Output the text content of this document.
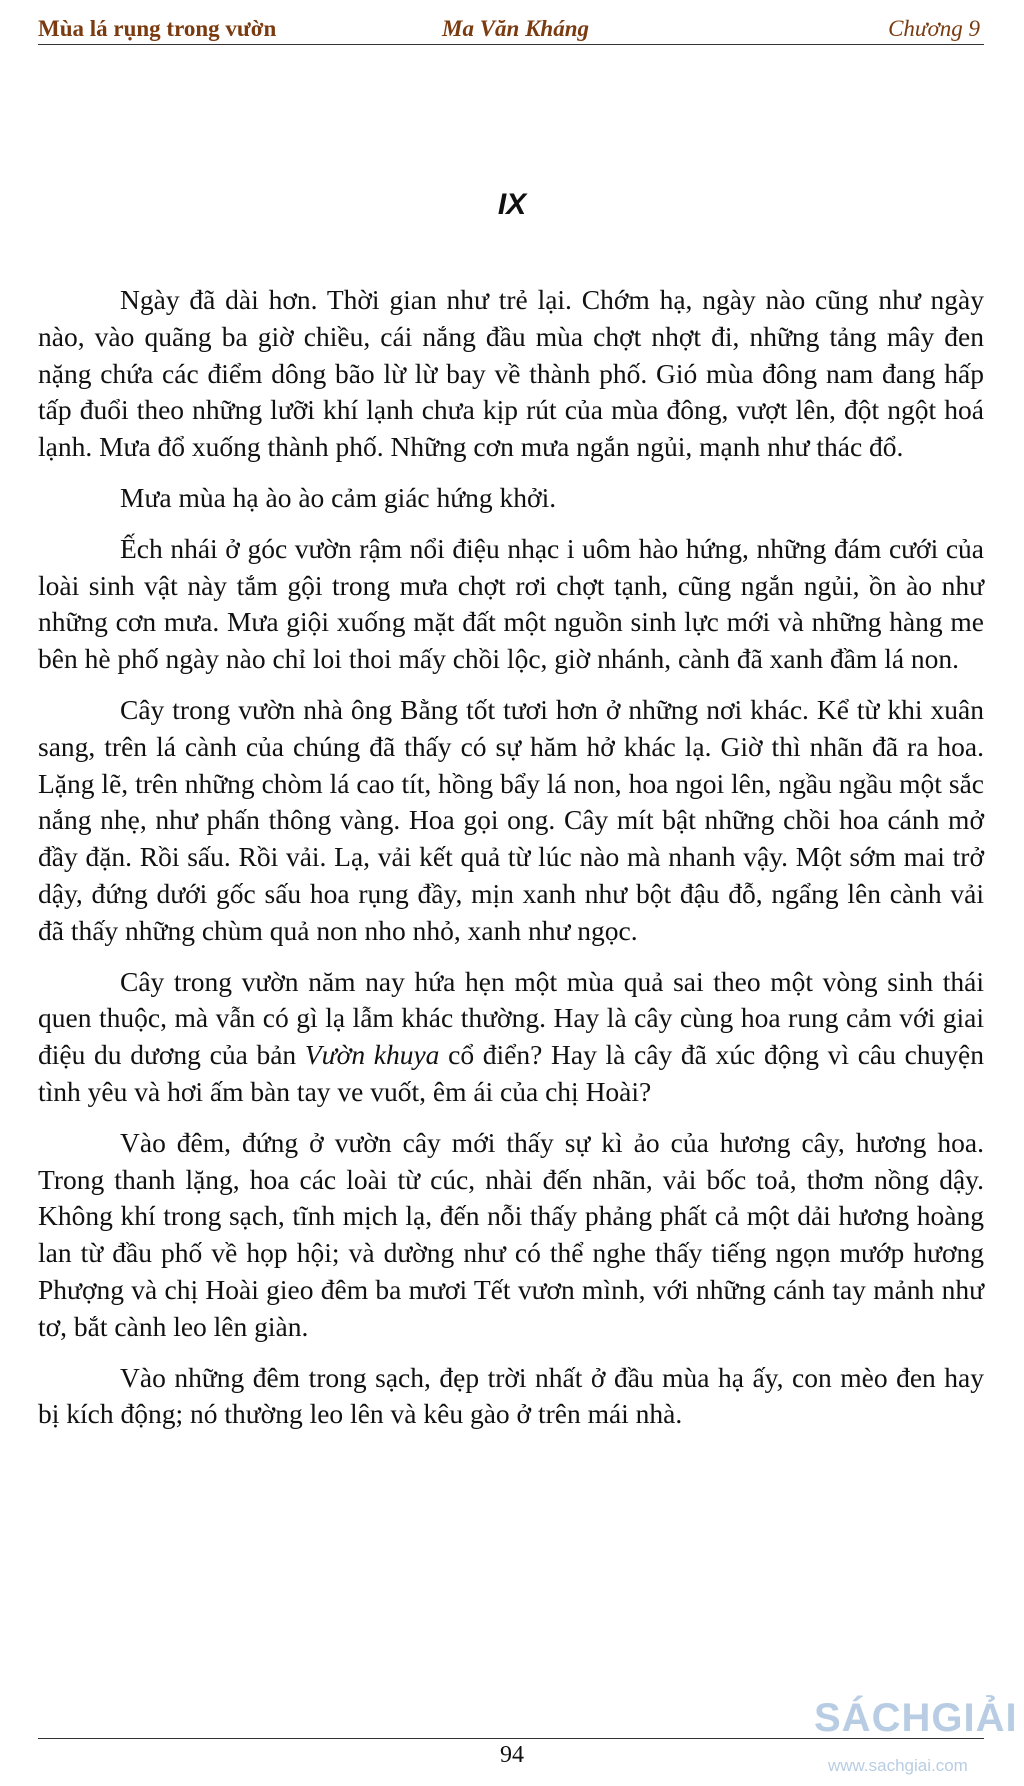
Mùa lá rụng trong vườn	Ma Văn Kháng	Chương 9
IX

Ngày đã dài hơn. Thời gian như trẻ lại. Chớm hạ, ngày nào cũng như ngày nào, vào quãng ba giờ chiều, cái nắng đầu mùa chợt nhợt đi, những tảng mây đen nặng chứa các điểm dông bão lừ lừ bay về thành phố. Gió mùa đông nam đang hấp tấp đuổi theo những lưỡi khí lạnh chưa kịp rút của mùa đông, vượt lên, đột ngột hoá lạnh. Mưa đổ xuống thành phố. Những cơn mưa ngắn ngủi, mạnh như thác đổ.

Mưa mùa hạ ào ào cảm giác hứng khởi.

Ếch nhái ở góc vườn rậm nổi điệu nhạc i uôm hào hứng, những đám cưới của loài sinh vật này tắm gội trong mưa chợt rơi chợt tạnh, cũng ngắn ngủi, ồn ào như những cơn mưa. Mưa giội xuống mặt đất một nguồn sinh lực mới và những hàng me bên hè phố ngày nào chỉ loi thoi mấy chồi lộc, giờ nhánh, cành đã xanh đầm lá non.

Cây trong vườn nhà ông Bằng tốt tươi hơn ở những nơi khác. Kể từ khi xuân sang, trên lá cành của chúng đã thấy có sự hăm hở khác lạ. Giờ thì nhãn đã ra hoa. Lặng lẽ, trên những chòm lá cao tít, hồng bẩy lá non, hoa ngoi lên, ngầu ngầu một sắc nắng nhẹ, như phấn thông vàng. Hoa gọi ong. Cây mít bật những chồi hoa cánh mở đầy đặn. Rồi sấu. Rồi vải. Lạ, vải kết quả từ lúc nào mà nhanh vậy. Một sớm mai trở dậy, đứng dưới gốc sấu hoa rụng đầy, mịn xanh như bột đậu đỗ, ngẩng lên cành vải đã thấy những chùm quả non nho nhỏ, xanh như ngọc.

Cây trong vườn năm nay hứa hẹn một mùa quả sai theo một vòng sinh thái quen thuộc, mà vẫn có gì lạ lẫm khác thường. Hay là cây cùng hoa rung cảm với giai điệu du dương của bản Vườn khuya cổ điển? Hay là cây đã xúc động vì câu chuyện tình yêu và hơi ấm bàn tay ve vuốt, êm ái của chị Hoài?

Vào đêm, đứng ở vườn cây mới thấy sự kì ảo của hương cây, hương hoa. Trong thanh lặng, hoa các loài từ cúc, nhài đến nhãn, vải bốc toả, thơm nồng dậy. Không khí trong sạch, tĩnh mịch lạ, đến nỗi thấy phảng phất cả một dải hương hoàng lan từ đầu phố về họp hội; và dường như có thể nghe thấy tiếng ngọn mướp hương Phượng và chị Hoài gieo đêm ba mươi Tết vươn mình, với những cánh tay mảnh như tơ, bắt cành leo lên giàn.

Vào những đêm trong sạch, đẹp trời nhất ở đầu mùa hạ ấy, con mèo đen hay bị kích động; nó thường leo lên và kêu gào ở trên mái nhà.

94
SÁCHGIẢI
www.sachgiai.com
